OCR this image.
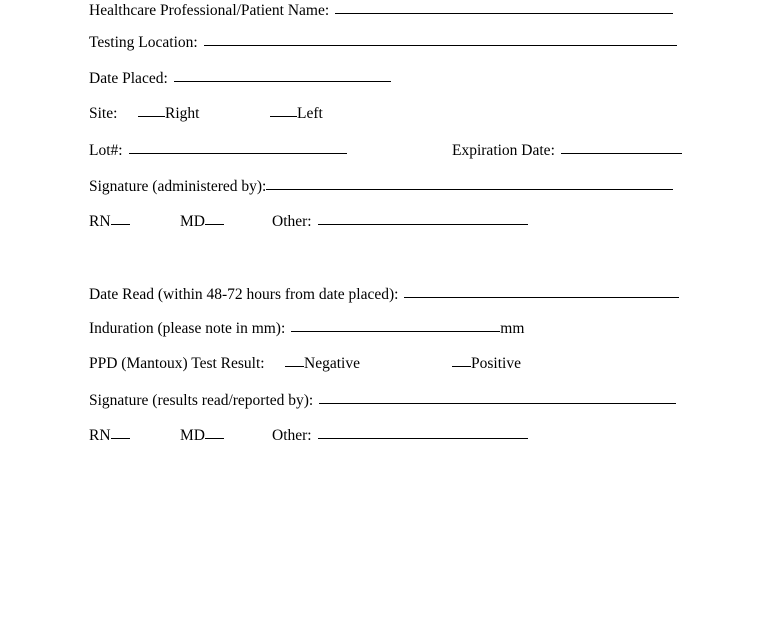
Healthcare Professional/Patient Name:
Testing Location:
Date Placed:
Site:	Right	Left
Lot#:	Expiration Date:
Signature (administered by):
RN	MD	Other:
Date Read (within 48-72 hours from date placed):
Induration (please note in mm):	mm
PPD (Mantoux) Test Result:	Negative	Positive
Signature (results read/reported by):
RN	MD	Other:
